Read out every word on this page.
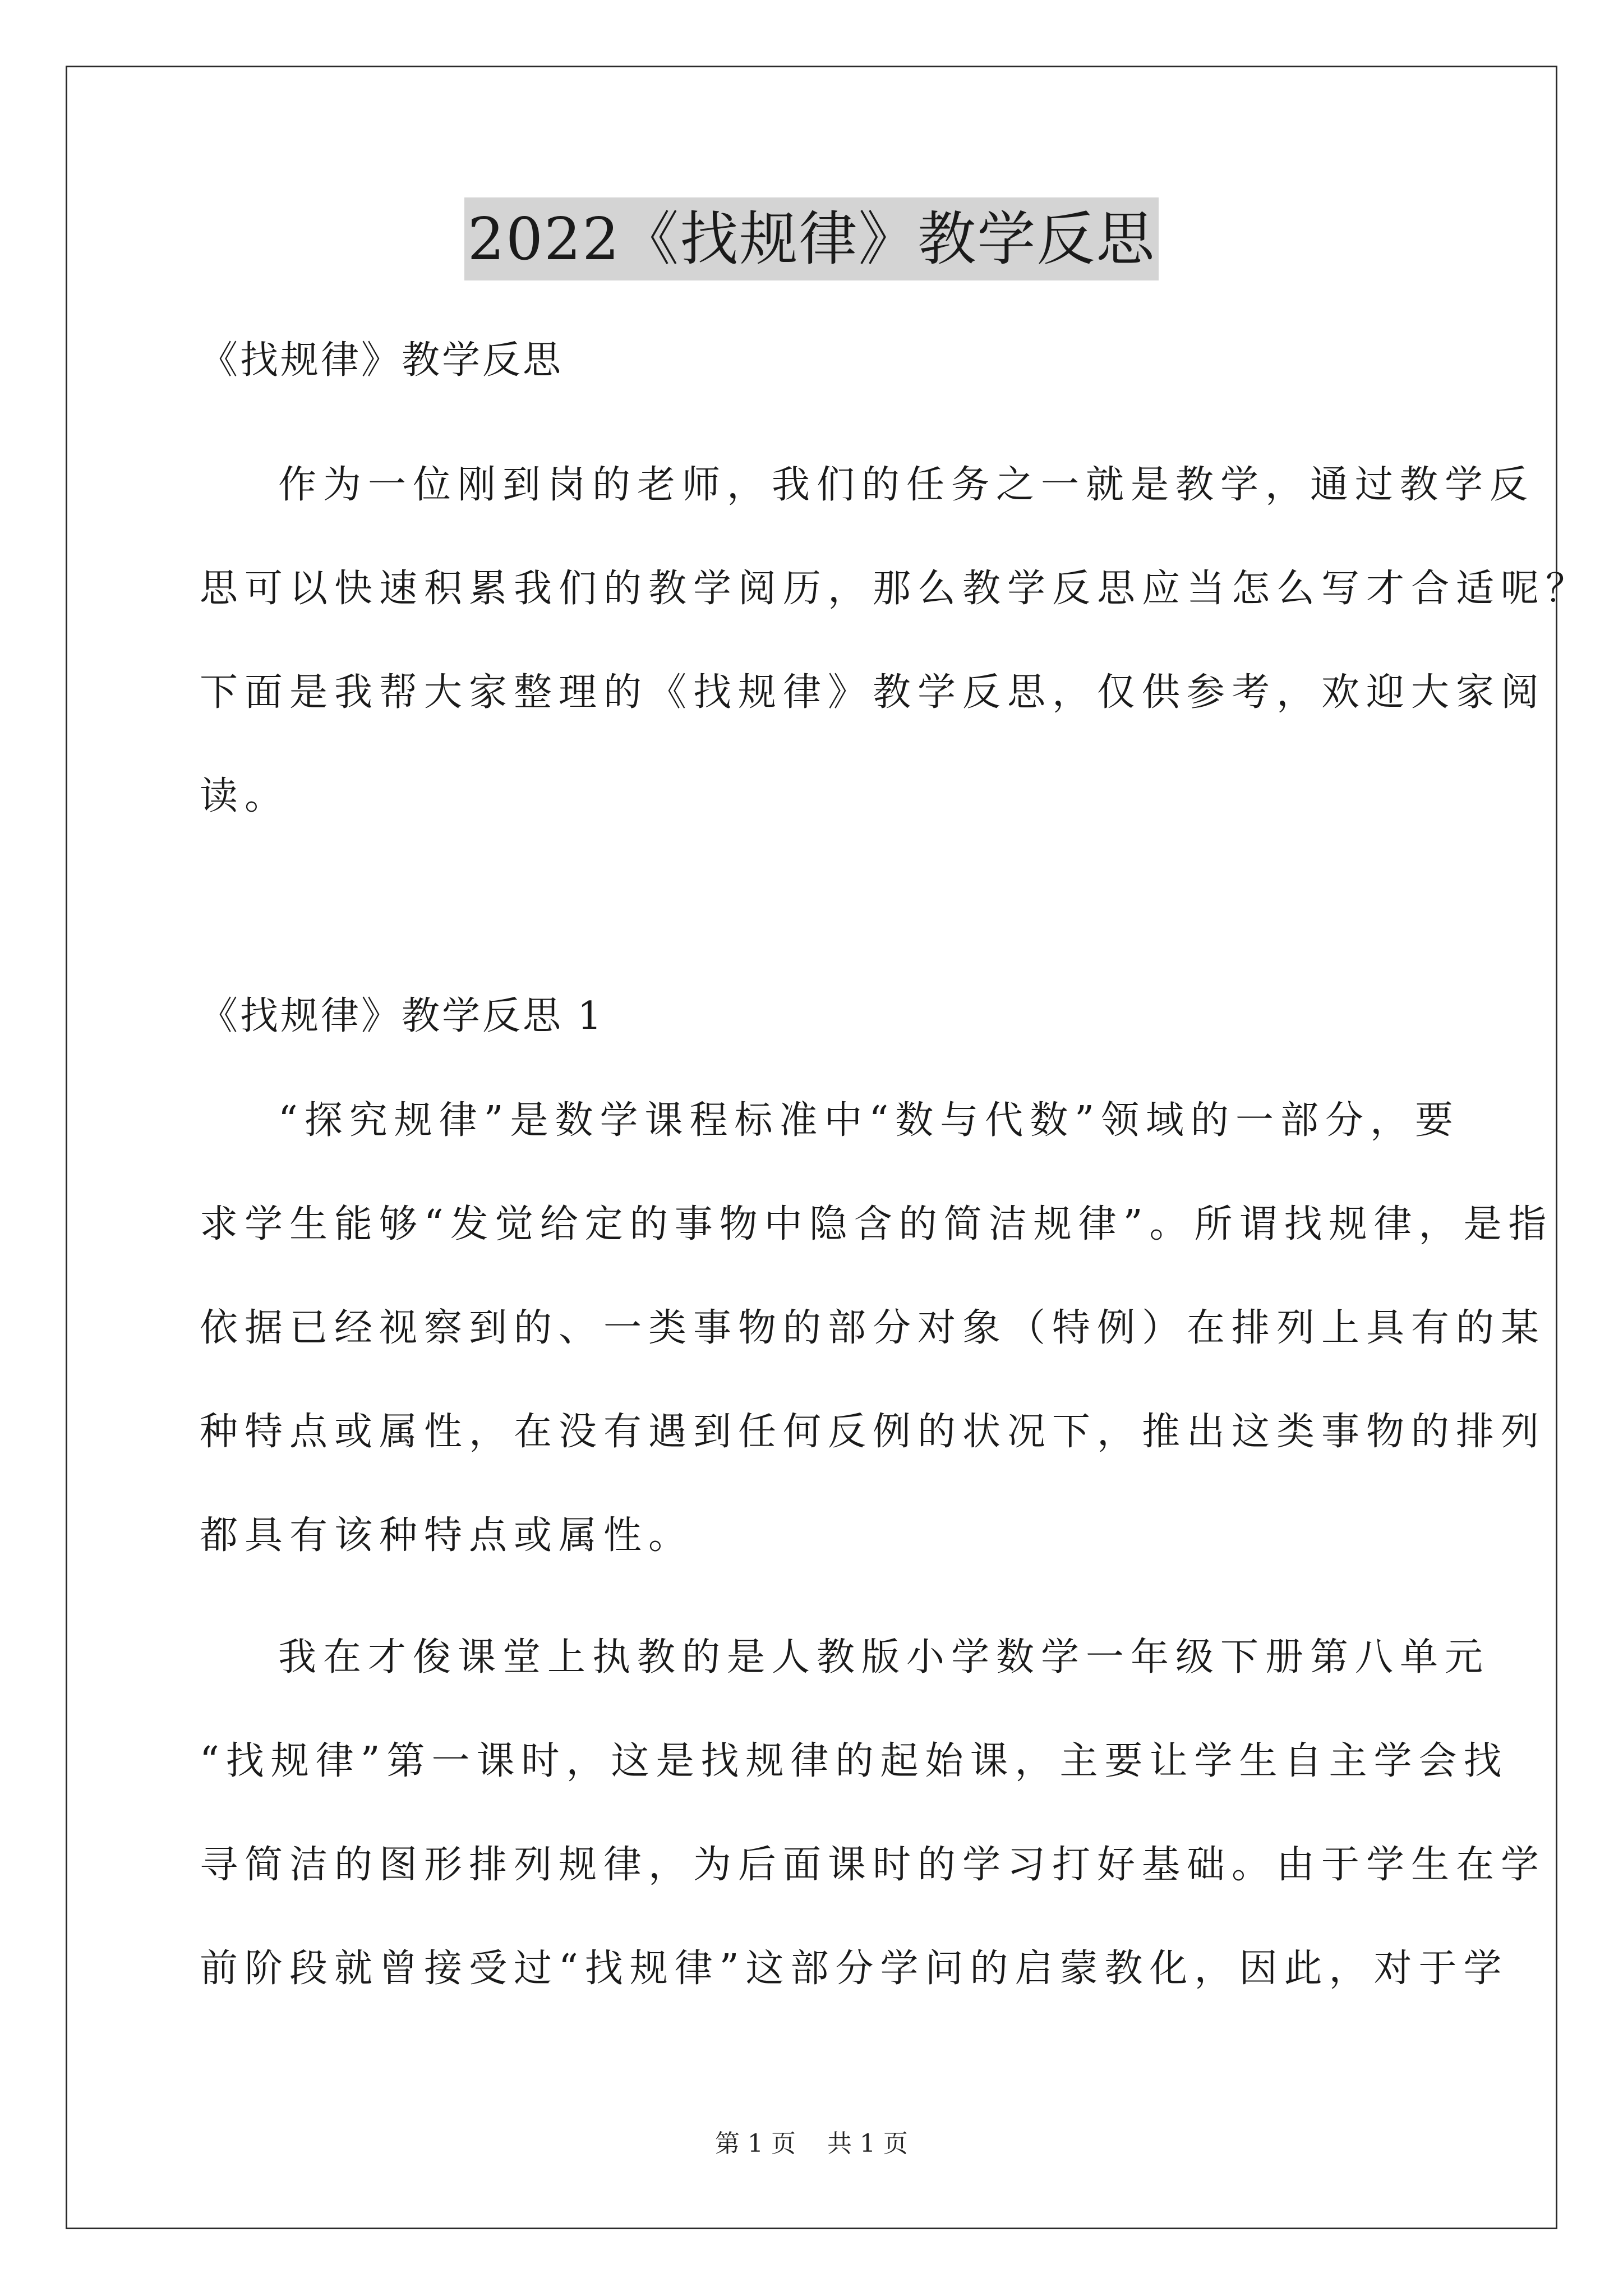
2022《找规律》教学反思
《找规律》教学反思
作为一位刚到岗的老师，我们的任务之一就是教学，通过教学反
思可以快速积累我们的教学阅历，那么教学反思应当怎么写才合适呢？
下面是我帮大家整理的《找规律》教学反思，仅供参考，欢迎大家阅
读。
《找规律》教学反思 1
“探究规律”是数学课程标准中“数与代数”领域的一部分，要
求学生能够“发觉给定的事物中隐含的简洁规律”。所谓找规律，是指
依据已经视察到的、一类事物的部分对象（特例）在排列上具有的某
种特点或属性，在没有遇到任何反例的状况下，推出这类事物的排列
都具有该种特点或属性。
我在才俊课堂上执教的是人教版小学数学一年级下册第八单元
“找规律”第一课时，这是找规律的起始课，主要让学生自主学会找
寻简洁的图形排列规律，为后面课时的学习打好基础。由于学生在学
前阶段就曾接受过“找规律”这部分学问的启蒙教化，因此，对于学
第 1 页    共 1 页
